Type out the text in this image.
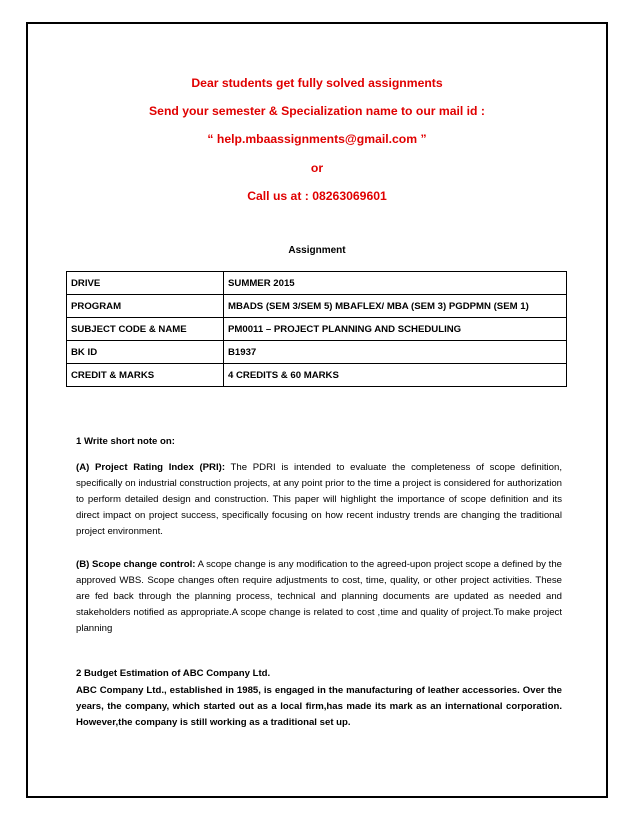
Dear students get fully solved assignments
Send your semester & Specialization name to our mail id :
“ help.mbaassignments@gmail.com ”
or
Call us at : 08263069601
Assignment
DRIVE	SUMMER 2015
PROGRAM	MBADS (SEM 3/SEM 5) MBAFLEX/ MBA (SEM 3) PGDPMN (SEM 1)
SUBJECT CODE & NAME	PM0011 – PROJECT PLANNING AND SCHEDULING
BK ID	B1937
CREDIT & MARKS	4 CREDITS & 60 MARKS
1 Write short note on:
(A) Project Rating Index (PRI): The PDRI is intended to evaluate the completeness of scope definition, specifically on industrial construction projects, at any point prior to the time a project is considered for authorization to perform detailed design and construction. This paper will highlight the importance of scope definition and its direct impact on project success, specifically focusing on how recent industry trends are changing the traditional project environment.
(B) Scope change control: A scope change is any modification to the agreed-upon project scope a defined by the approved WBS. Scope changes often require adjustments to cost, time, quality, or other project activities. These are fed back through the planning process, technical and planning documents are updated as needed and stakeholders notified as appropriate.A scope change is related to cost ,time and quality of project.To make project planning
2 Budget Estimation of ABC Company Ltd.
ABC Company Ltd., established in 1985, is engaged in the manufacturing of leather accessories. Over the years, the company, which started out as a local firm,has made its mark as an international corporation. However,the company is still working as a traditional set up.
